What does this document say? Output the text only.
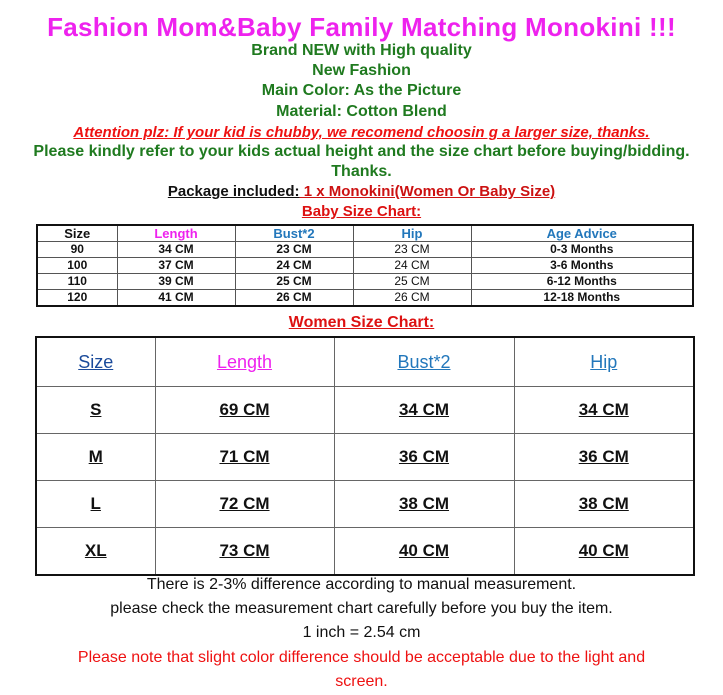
Fashion Mom&Baby Family Matching Monokini !!!
Brand NEW with High quality
New Fashion
Main Color: As the Picture
Material: Cotton Blend
Attention plz: If your kid is chubby, we recomend choosin g a larger size, thanks.
Please kindly refer to your kids actual height and the size chart before buying/bidding.
Thanks.
Package included: 1 x Monokini(Women Or Baby Size)
Baby Size Chart:
Size	Length	Bust*2	Hip	Age Advice
90	34 CM	23 CM	23 CM	0-3 Months
100	37 CM	24 CM	24 CM	3-6 Months
110	39 CM	25 CM	25 CM	6-12 Months
120	41 CM	26 CM	26 CM	12-18 Months
Women Size Chart:
Size	Length	Bust*2	Hip
S	69 CM	34 CM	34 CM
M	71 CM	36 CM	36 CM
L	72 CM	38 CM	38 CM
XL	73 CM	40 CM	40 CM
There is 2-3% difference according to manual measurement.
please check the measurement chart carefully before you buy the item.
1 inch = 2.54 cm
Please note that slight color difference should be acceptable due to the light and
screen.
